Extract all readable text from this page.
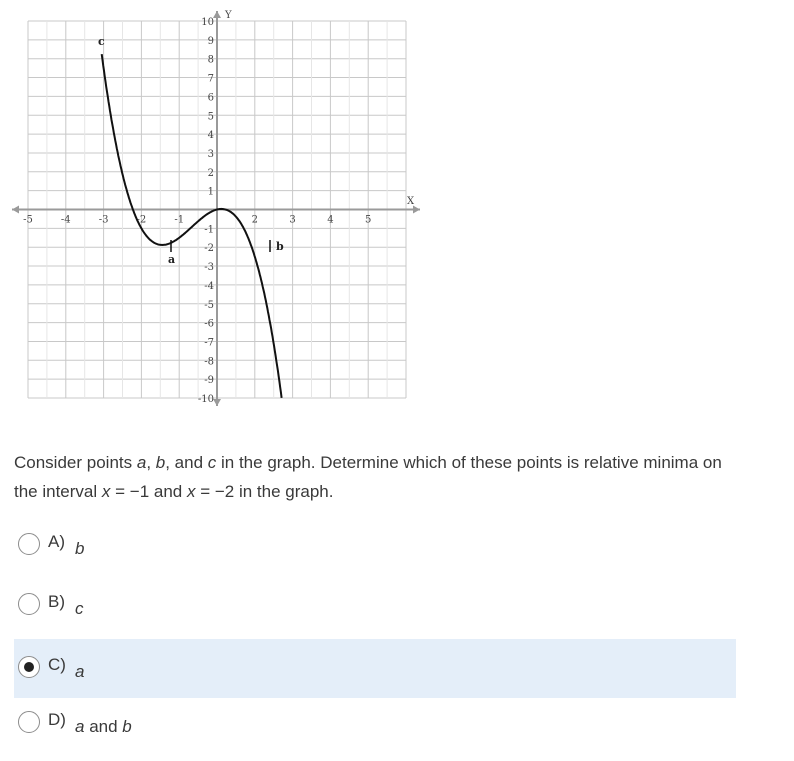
-5	-4	-3	-2	-1	2	3	4	5
1
2
3
4
5
6
7
8
9
10
-1
-2
-3
-4
-5
-6
-7
-8
-9
-10
Y
X
a
b
c
Consider points a, b, and c in the graph. Determine which of these points is relative minima on the interval x = −1 and x = −2 in the graph.
A) b
B) c
C) a
D) a and b
